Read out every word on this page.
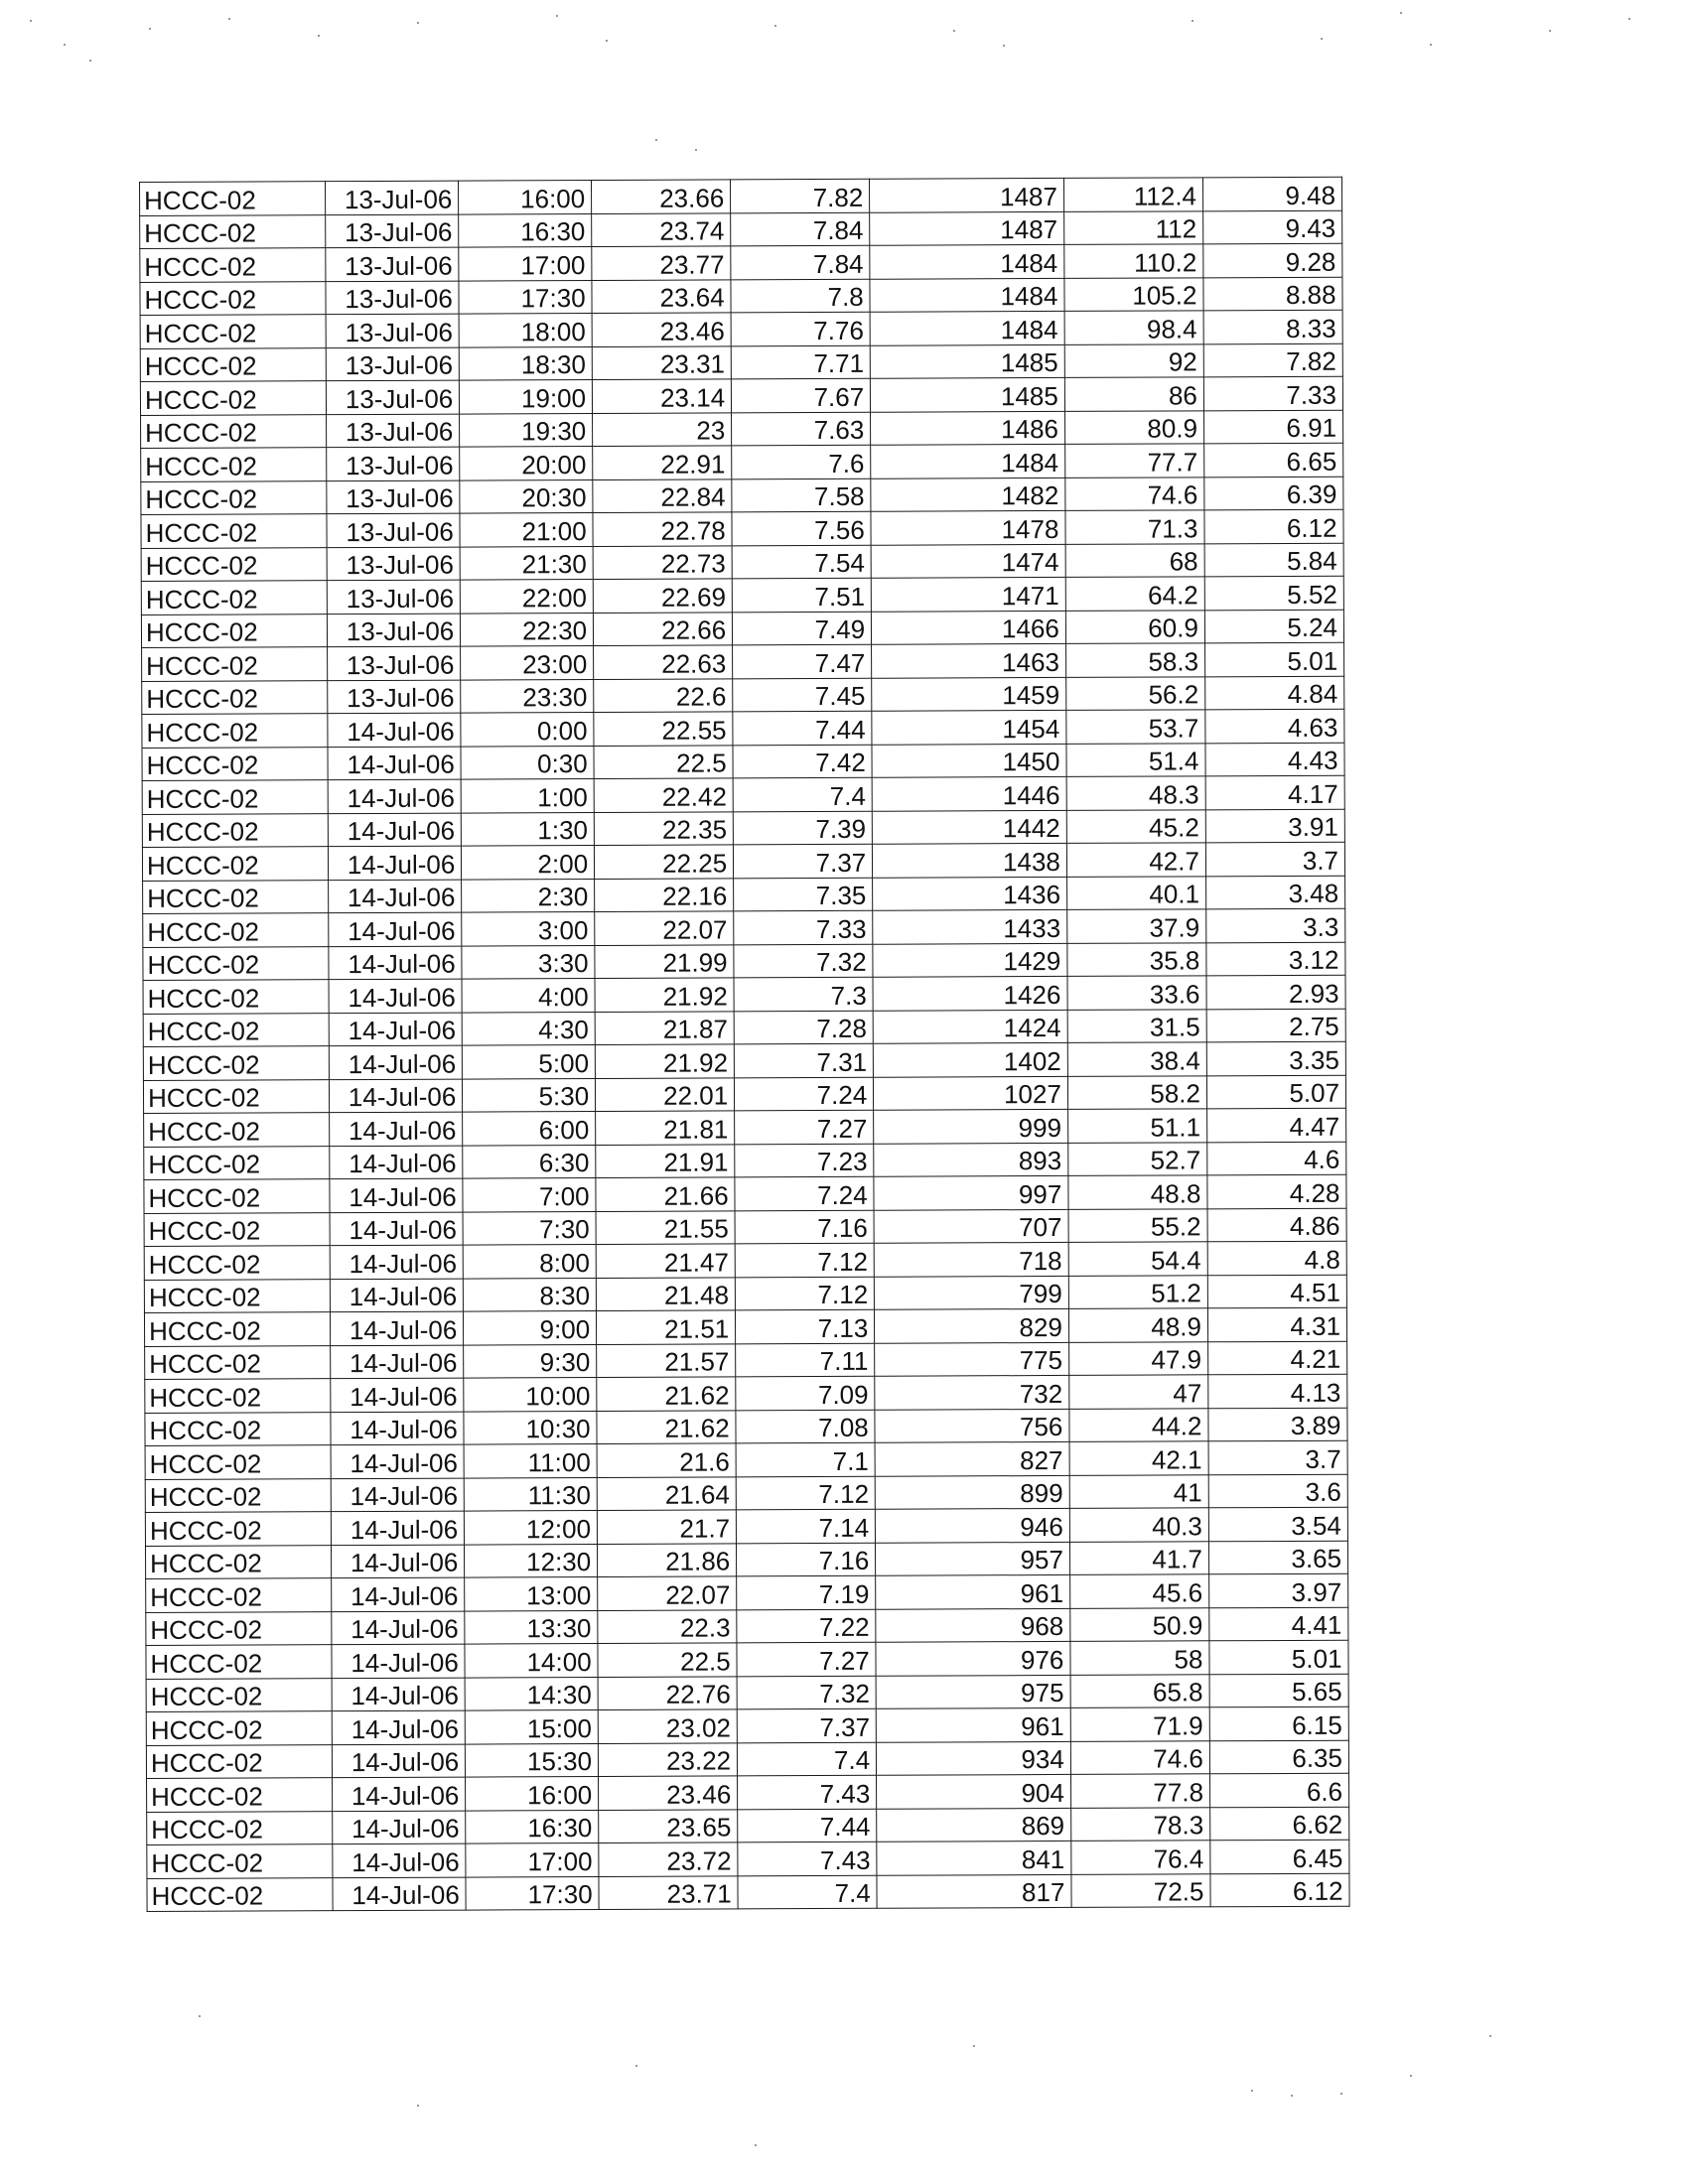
HCCC-02	13-Jul-06	16:00	23.66	7.82	1487	112.4	9.48
HCCC-02	13-Jul-06	16:30	23.74	7.84	1487	112	9.43
HCCC-02	13-Jul-06	17:00	23.77	7.84	1484	110.2	9.28
HCCC-02	13-Jul-06	17:30	23.64	7.8	1484	105.2	8.88
HCCC-02	13-Jul-06	18:00	23.46	7.76	1484	98.4	8.33
HCCC-02	13-Jul-06	18:30	23.31	7.71	1485	92	7.82
HCCC-02	13-Jul-06	19:00	23.14	7.67	1485	86	7.33
HCCC-02	13-Jul-06	19:30	23	7.63	1486	80.9	6.91
HCCC-02	13-Jul-06	20:00	22.91	7.6	1484	77.7	6.65
HCCC-02	13-Jul-06	20:30	22.84	7.58	1482	74.6	6.39
HCCC-02	13-Jul-06	21:00	22.78	7.56	1478	71.3	6.12
HCCC-02	13-Jul-06	21:30	22.73	7.54	1474	68	5.84
HCCC-02	13-Jul-06	22:00	22.69	7.51	1471	64.2	5.52
HCCC-02	13-Jul-06	22:30	22.66	7.49	1466	60.9	5.24
HCCC-02	13-Jul-06	23:00	22.63	7.47	1463	58.3	5.01
HCCC-02	13-Jul-06	23:30	22.6	7.45	1459	56.2	4.84
HCCC-02	14-Jul-06	0:00	22.55	7.44	1454	53.7	4.63
HCCC-02	14-Jul-06	0:30	22.5	7.42	1450	51.4	4.43
HCCC-02	14-Jul-06	1:00	22.42	7.4	1446	48.3	4.17
HCCC-02	14-Jul-06	1:30	22.35	7.39	1442	45.2	3.91
HCCC-02	14-Jul-06	2:00	22.25	7.37	1438	42.7	3.7
HCCC-02	14-Jul-06	2:30	22.16	7.35	1436	40.1	3.48
HCCC-02	14-Jul-06	3:00	22.07	7.33	1433	37.9	3.3
HCCC-02	14-Jul-06	3:30	21.99	7.32	1429	35.8	3.12
HCCC-02	14-Jul-06	4:00	21.92	7.3	1426	33.6	2.93
HCCC-02	14-Jul-06	4:30	21.87	7.28	1424	31.5	2.75
HCCC-02	14-Jul-06	5:00	21.92	7.31	1402	38.4	3.35
HCCC-02	14-Jul-06	5:30	22.01	7.24	1027	58.2	5.07
HCCC-02	14-Jul-06	6:00	21.81	7.27	999	51.1	4.47
HCCC-02	14-Jul-06	6:30	21.91	7.23	893	52.7	4.6
HCCC-02	14-Jul-06	7:00	21.66	7.24	997	48.8	4.28
HCCC-02	14-Jul-06	7:30	21.55	7.16	707	55.2	4.86
HCCC-02	14-Jul-06	8:00	21.47	7.12	718	54.4	4.8
HCCC-02	14-Jul-06	8:30	21.48	7.12	799	51.2	4.51
HCCC-02	14-Jul-06	9:00	21.51	7.13	829	48.9	4.31
HCCC-02	14-Jul-06	9:30	21.57	7.11	775	47.9	4.21
HCCC-02	14-Jul-06	10:00	21.62	7.09	732	47	4.13
HCCC-02	14-Jul-06	10:30	21.62	7.08	756	44.2	3.89
HCCC-02	14-Jul-06	11:00	21.6	7.1	827	42.1	3.7
HCCC-02	14-Jul-06	11:30	21.64	7.12	899	41	3.6
HCCC-02	14-Jul-06	12:00	21.7	7.14	946	40.3	3.54
HCCC-02	14-Jul-06	12:30	21.86	7.16	957	41.7	3.65
HCCC-02	14-Jul-06	13:00	22.07	7.19	961	45.6	3.97
HCCC-02	14-Jul-06	13:30	22.3	7.22	968	50.9	4.41
HCCC-02	14-Jul-06	14:00	22.5	7.27	976	58	5.01
HCCC-02	14-Jul-06	14:30	22.76	7.32	975	65.8	5.65
HCCC-02	14-Jul-06	15:00	23.02	7.37	961	71.9	6.15
HCCC-02	14-Jul-06	15:30	23.22	7.4	934	74.6	6.35
HCCC-02	14-Jul-06	16:00	23.46	7.43	904	77.8	6.6
HCCC-02	14-Jul-06	16:30	23.65	7.44	869	78.3	6.62
HCCC-02	14-Jul-06	17:00	23.72	7.43	841	76.4	6.45
HCCC-02	14-Jul-06	17:30	23.71	7.4	817	72.5	6.12
